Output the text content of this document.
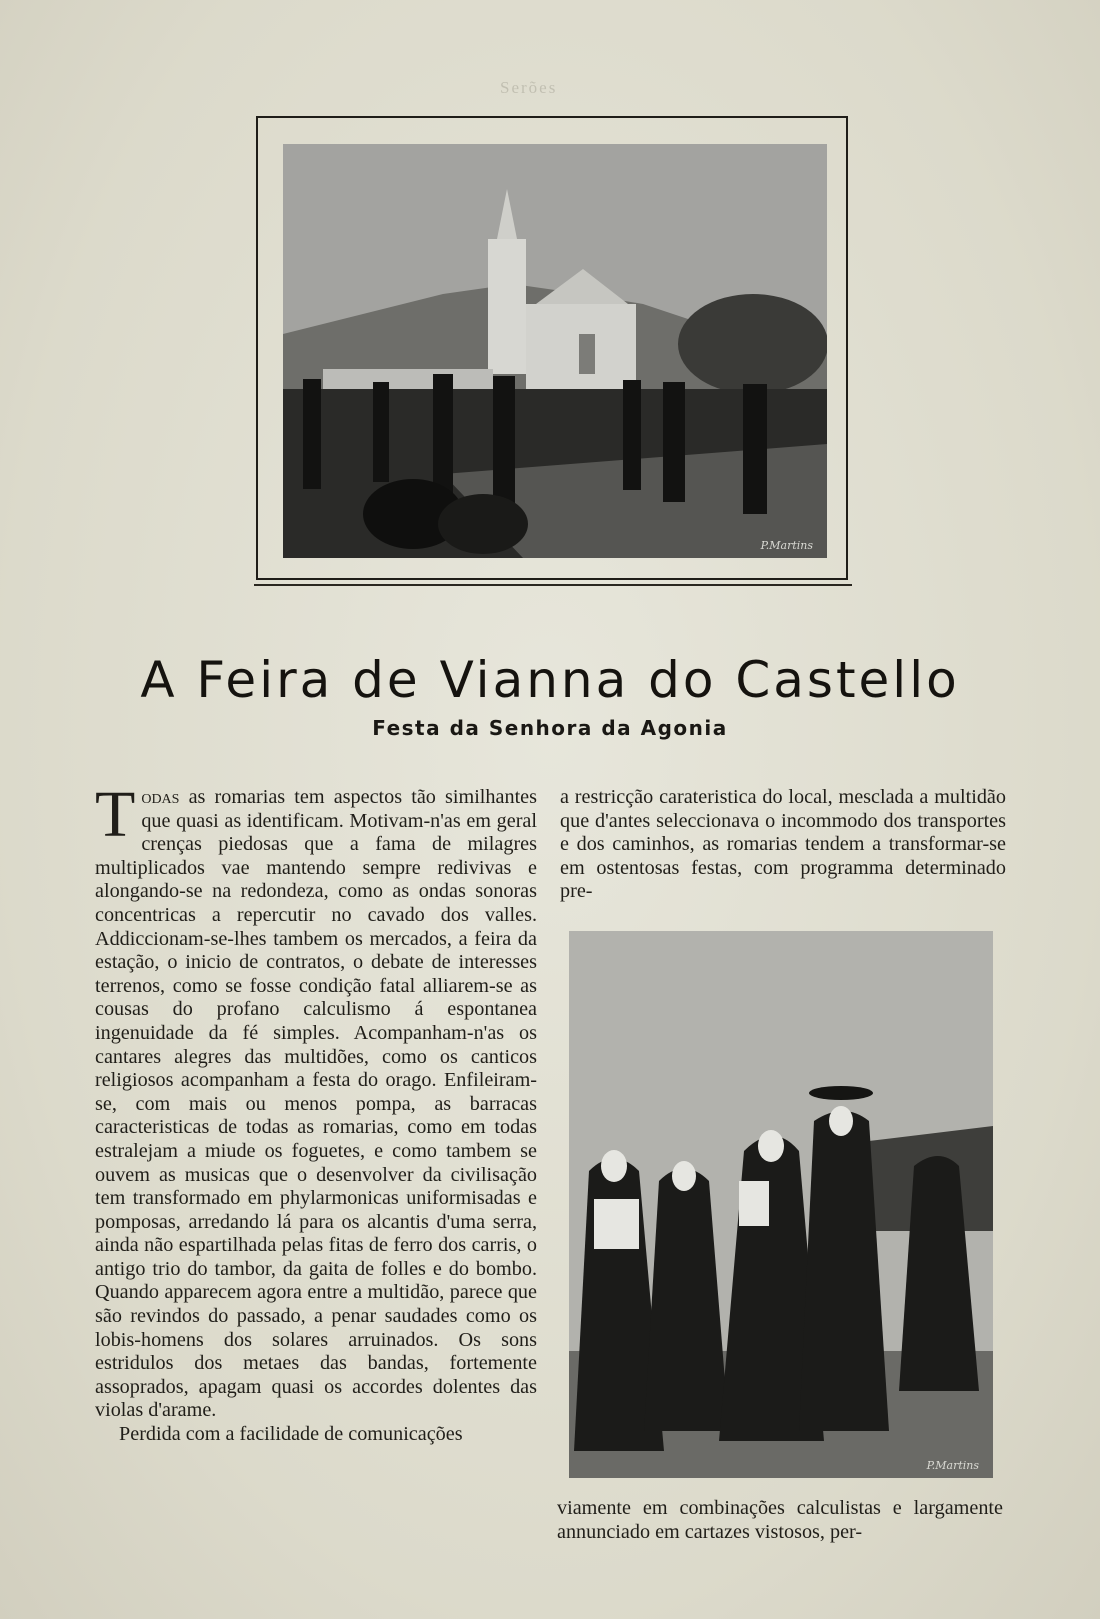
Serões
P.Martins
A Feira de Vianna do Castello
Festa da Senhora da Agonia

Todas as romarias tem aspectos tão similhantes que quasi as identificam. Motivam-n'as em geral crenças piedosas que a fama de milagres multiplicados vae mantendo sempre redivivas e alongando-se na redondeza, como as ondas sonoras concentricas a repercutir no cavado dos valles. Addiccionam-se-lhes tambem os mercados, a feira da estação, o inicio de contratos, o debate de interesses terrenos, como se fosse condição fatal alliarem-se as cousas do profano calculismo á espontanea ingenuidade da fé simples. Acompanham-n'as os cantares alegres das multidões, como os canticos religiosos acompanham a festa do orago. Enfileiram-se, com mais ou menos pompa, as barracas caracteristicas de todas as romarias, como em todas estralejam a miude os foguetes, e como tambem se ouvem as musicas que o desenvolver da civilisação tem transformado em phylarmonicas uniformisadas e pomposas, arredando lá para os alcantis d'uma serra, ainda não espartilhada pelas fitas de ferro dos carris, o antigo trio do tambor, da gaita de folles e do bombo. Quando apparecem agora entre a multidão, parece que são revindos do passado, a penar saudades como os lobis-homens dos solares arruinados. Os sons estridulos dos metaes das bandas, fortemente assoprados, apagam quasi os accordes dolentes das violas d'arame.

Perdida com a facilidade de comunicações

a restricção carateristica do local, mesclada a multidão que d'antes seleccionava o incommodo dos transportes e dos caminhos, as romarias tendem a transformar-se em ostentosas festas, com programma determinado pre-
P.Martins
viamente em combinações calculistas e largamente annunciado em cartazes vistosos, per-
